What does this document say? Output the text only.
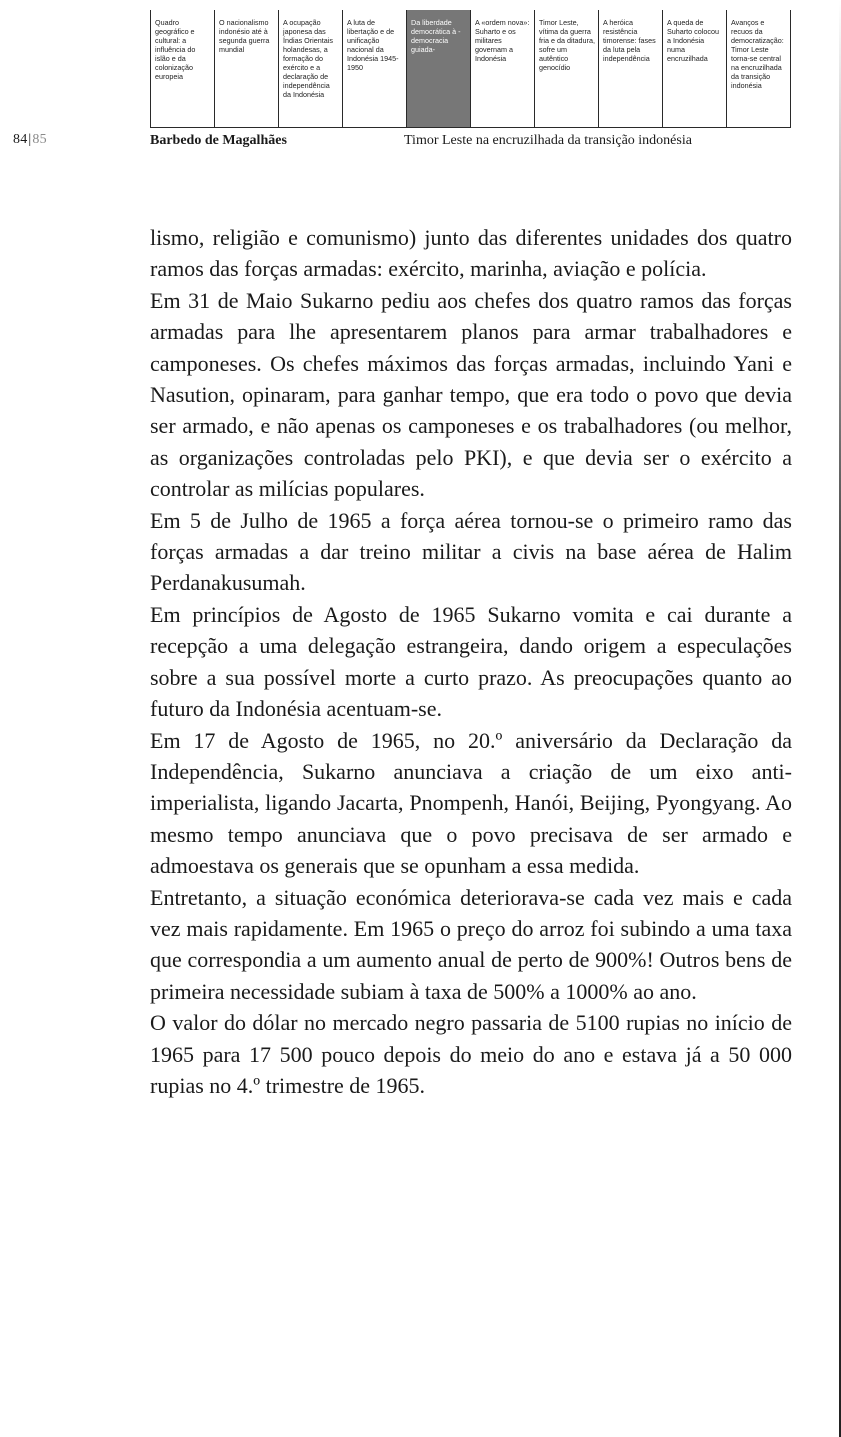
Quadro geográfico e cultural: a influência do islão e da colonização europeia
O nacionalismo indonésio até à segunda guerra mundial
A ocupação japonesa das Índias Orientais holandesas, a formação do exército e a declaração de independência da Indonésia
A luta de libertação e de unificação nacional da Indonésia 1945-1950
Da liberdade democrática à -democracia guiada-
A «ordem nova»: Suharto e os militares governam a Indonésia
Timor Leste, vítima da guerra fria e da ditadura, sofre um autêntico genocídio
A heróica resistência timorense: fases da luta pela independência
A queda de Suharto colocou a Indonésia numa encruzilhada
Avanços e recuos da democratização: Timor Leste torna-se central na encruzilhada da transição indonésia
84|85	Barbedo de Magalhães	Timor Leste na encruzilhada da transição indonésia

lismo, religião e comunismo) junto das diferentes unidades dos quatro ramos das forças armadas: exército, marinha, aviação e polícia.

Em 31 de Maio Sukarno pediu aos chefes dos quatro ramos das forças armadas para lhe apresentarem planos para armar trabalhadores e camponeses. Os chefes máximos das forças armadas, incluindo Yani e Nasution, opinaram, para ganhar tempo, que era todo o povo que devia ser armado, e não apenas os camponeses e os trabalhadores (ou melhor, as organizações controladas pelo PKI), e que devia ser o exército a controlar as milícias populares.

Em 5 de Julho de 1965 a força aérea tornou-se o primeiro ramo das forças armadas a dar treino militar a civis na base aérea de Halim Perdanakusumah.

Em princípios de Agosto de 1965 Sukarno vomita e cai durante a recepção a uma delegação estrangeira, dando origem a especulações sobre a sua possível morte a curto prazo. As preocupações quanto ao futuro da Indonésia acentuam-se.

Em 17 de Agosto de 1965, no 20.º aniversário da Declaração da Independência, Sukarno anunciava a criação de um eixo anti-imperialista, ligando Jacarta, Pnompenh, Hanói, Beijing, Pyongyang. Ao mesmo tempo anunciava que o povo precisava de ser armado e admoestava os generais que se opunham a essa medida.

Entretanto, a situação económica deteriorava-se cada vez mais e cada vez mais rapidamente. Em 1965 o preço do arroz foi subindo a uma taxa que correspondia a um aumento anual de perto de 900%! Outros bens de primeira necessidade subiam à taxa de 500% a 1000% ao ano.

O valor do dólar no mercado negro passaria de 5100 rupias no início de 1965 para 17 500 pouco depois do meio do ano e estava já a 50 000 rupias no 4.º trimestre de 1965.
